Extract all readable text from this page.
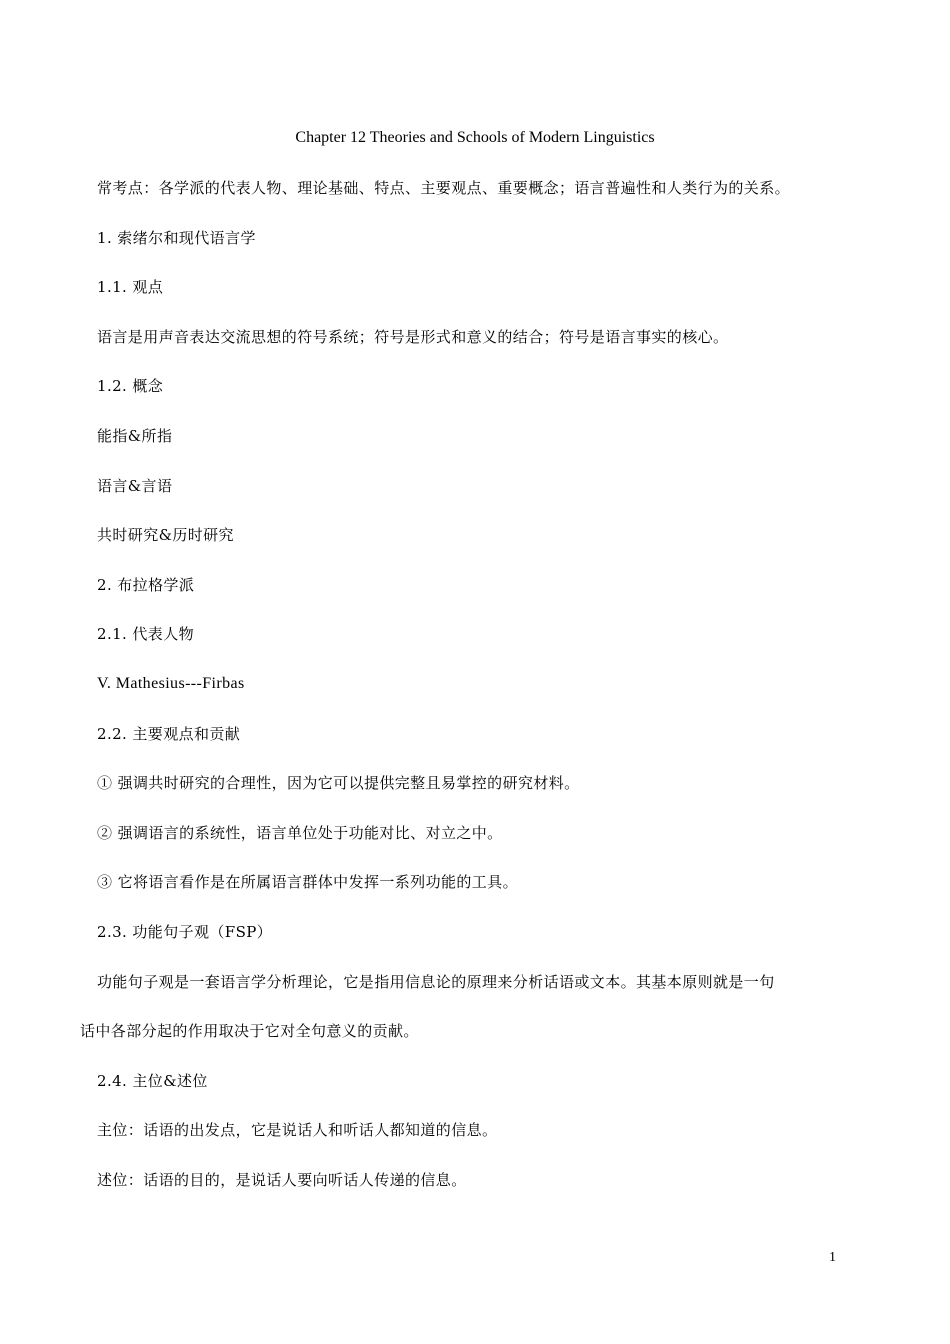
Chapter 12 Theories and Schools of Modern Linguistics
常考点：各学派的代表人物、理论基础、特点、主要观点、重要概念；语言普遍性和人类行为的关系。
1. 索绪尔和现代语言学
1.1. 观点
语言是用声音表达交流思想的符号系统；符号是形式和意义的结合；符号是语言事实的核心。
1.2. 概念
能指&所指
语言&言语
共时研究&历时研究
2. 布拉格学派
2.1. 代表人物
V. Mathesius---Firbas
2.2. 主要观点和贡献
① 强调共时研究的合理性，因为它可以提供完整且易掌控的研究材料。
② 强调语言的系统性，语言单位处于功能对比、对立之中。
③ 它将语言看作是在所属语言群体中发挥一系列功能的工具。
2.3. 功能句子观（FSP）
功能句子观是一套语言学分析理论，它是指用信息论的原理来分析话语或文本。其基本原则就是一句
话中各部分起的作用取决于它对全句意义的贡献。
2.4. 主位&述位
主位：话语的出发点，它是说话人和听话人都知道的信息。
述位：话语的目的，是说话人要向听话人传递的信息。
1
